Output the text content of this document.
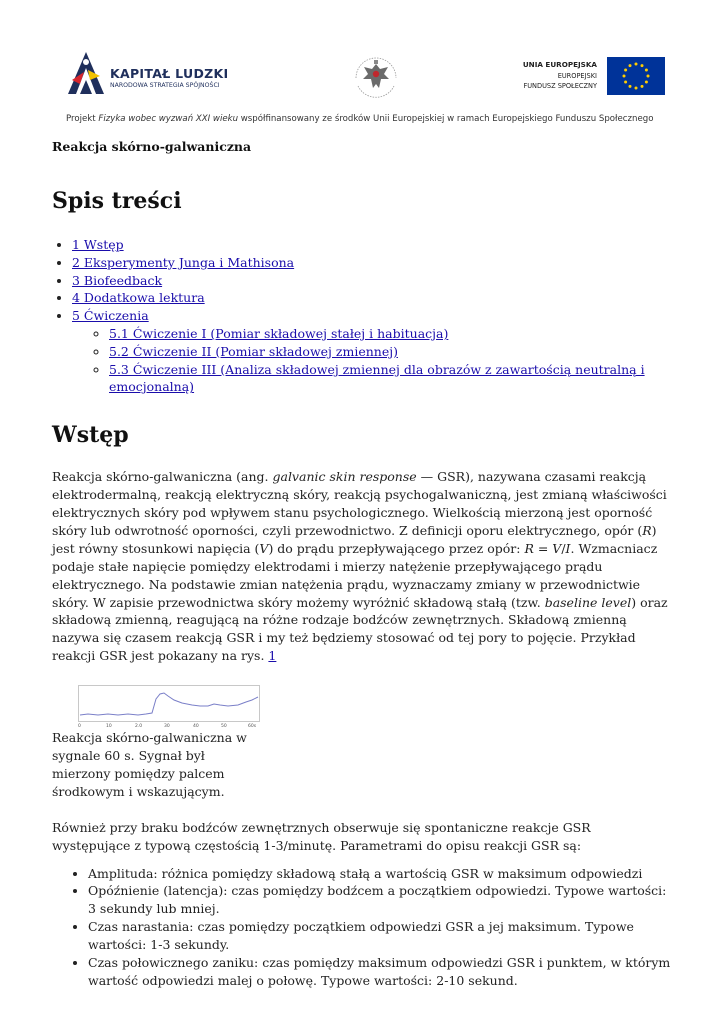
KAPITAŁ LUDZKI
NARODOWA STRATEGIA SPÓJNOŚCI
UNIA EUROPEJSKA
EUROPEJSKI
FUNDUSZ SPOŁECZNY
Projekt Fizyka wobec wyzwań XXI wieku współfinansowany ze środków Unii Europejskiej w ramach Europejskiego Funduszu Społecznego
Reakcja skórno-galwaniczna
Spis treści
• 1 Wstęp
• 2 Eksperymenty Junga i Mathisona
• 3 Biofeedback
• 4 Dodatkowa lektura
• 5 Ćwiczenia
◦ 5.1 Ćwiczenie I (Pomiar składowej stałej i habituacja)
◦ 5.2 Ćwiczenie II (Pomiar składowej zmiennej)
◦ 5.3 Ćwiczenie III (Analiza składowej zmiennej dla obrazów z zawartością neutralną i emocjonalną)
Wstęp

Reakcja skórno-galwaniczna (ang. galvanic skin response — GSR), nazywana czasami reakcją elektrodermalną, reakcją elektryczną skóry, reakcją psychogalwaniczną, jest zmianą właściwości elektrycznych skóry pod wpływem stanu psychologicznego. Wielkością mierzoną jest oporność skóry lub odwrotność oporności, czyli przewodnictwo. Z definicji oporu elektrycznego, opór (R) jest równy stosunkowi napięcia (V) do prądu przepływającego przez opór: R = V/I. Wzmacniacz podaje stałe napięcie pomiędzy elektrodami i mierzy natężenie przepływającego prądu elektrycznego. Na podstawie zmian natężenia prądu, wyznaczamy zmiany w przewodnictwie skóry. W zapisie przewodnictwa skóry możemy wyróżnić składową stałą (tzw. baseline level) oraz składową zmienną, reagującą na różne rodzaje bodźców zewnętrznych. Składową zmienną nazywa się czasem reakcją GSR i my też będziemy stosować od tej pory to pojęcie. Przykład reakcji GSR jest pokazany na rys. 1

0	10	2.0	30	40	50	60s
Reakcja skórno-galwaniczna w sygnale 60 s. Sygnał był mierzony pomiędzy palcem środkowym i wskazującym.

Również przy braku bodźców zewnętrznych obserwuje się spontaniczne reakcje GSR występujące z typową częstością 1-3/minutę. Parametrami do opisu reakcji GSR są:

• Amplituda: różnica pomiędzy składową stałą a wartością GSR w maksimum odpowiedzi
• Opóźnienie (latencja): czas pomiędzy bodźcem a początkiem odpowiedzi. Typowe wartości: 3 sekundy lub mniej.
• Czas narastania: czas pomiędzy początkiem odpowiedzi GSR a jej maksimum. Typowe wartości: 1-3 sekundy.
• Czas połowicznego zaniku: czas pomiędzy maksimum odpowiedzi GSR i punktem, w którym wartość odpowiedzi malej o połowę. Typowe wartości: 2-10 sekund.
